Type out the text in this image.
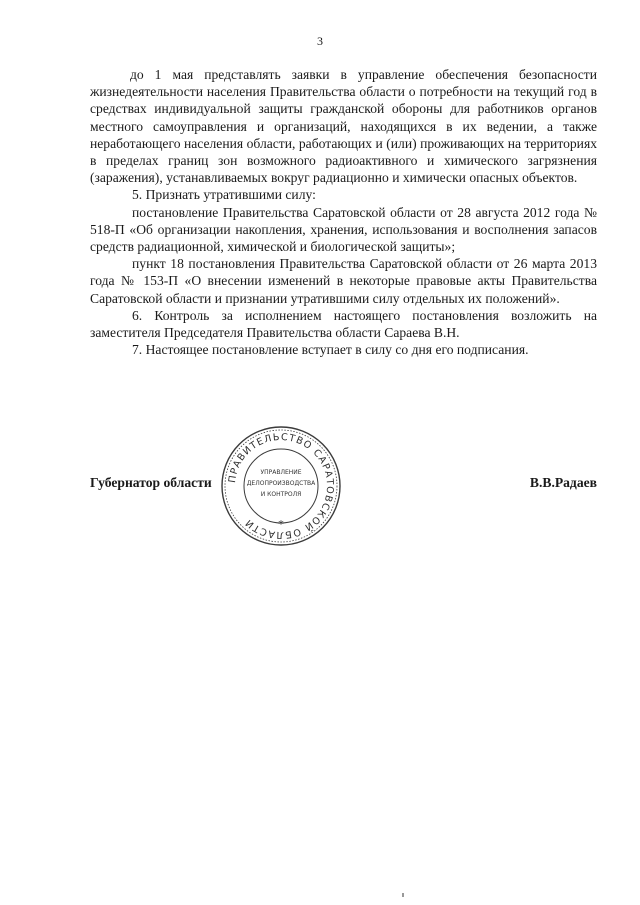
3

до 1 мая представлять заявки в управление обеспечения безопасности жизнедеятельности населения Правительства области о потребности на текущий год в средствах индивидуальной защиты гражданской обороны для работников органов местного самоуправления и организаций, находящихся в их ведении, а также неработающего населения области, работающих и (или) проживающих на территориях в пределах границ зон возможного радиоактивного и химического загрязнения (заражения), устанавливаемых вокруг радиационно и химически опасных объектов.

5. Признать утратившими силу:

постановление Правительства Саратовской области от 28 августа 2012 года № 518-П «Об организации накопления, хранения, использования и восполнения запасов средств радиационной, химической и биологической защиты»;

пункт 18 постановления Правительства Саратовской области от 26 марта 2013 года № 153-П «О внесении изменений в некоторые правовые акты Правительства Саратовской области и признании утратившими силу отдельных их положений».

6. Контроль за исполнением настоящего постановления возложить на заместителя Председателя Правительства области Сараева В.Н.

7. Настоящее постановление вступает в силу со дня его подписания.

Губернатор области	В.В.Радаев
ПРАВИТЕЛЬСТВО САРАТОВСКОЙ ОБЛАСТИ
УПРАВЛЕНИЕ
ДЕЛОПРОИЗВОДСТВА
И КОНТРОЛЯ
*
